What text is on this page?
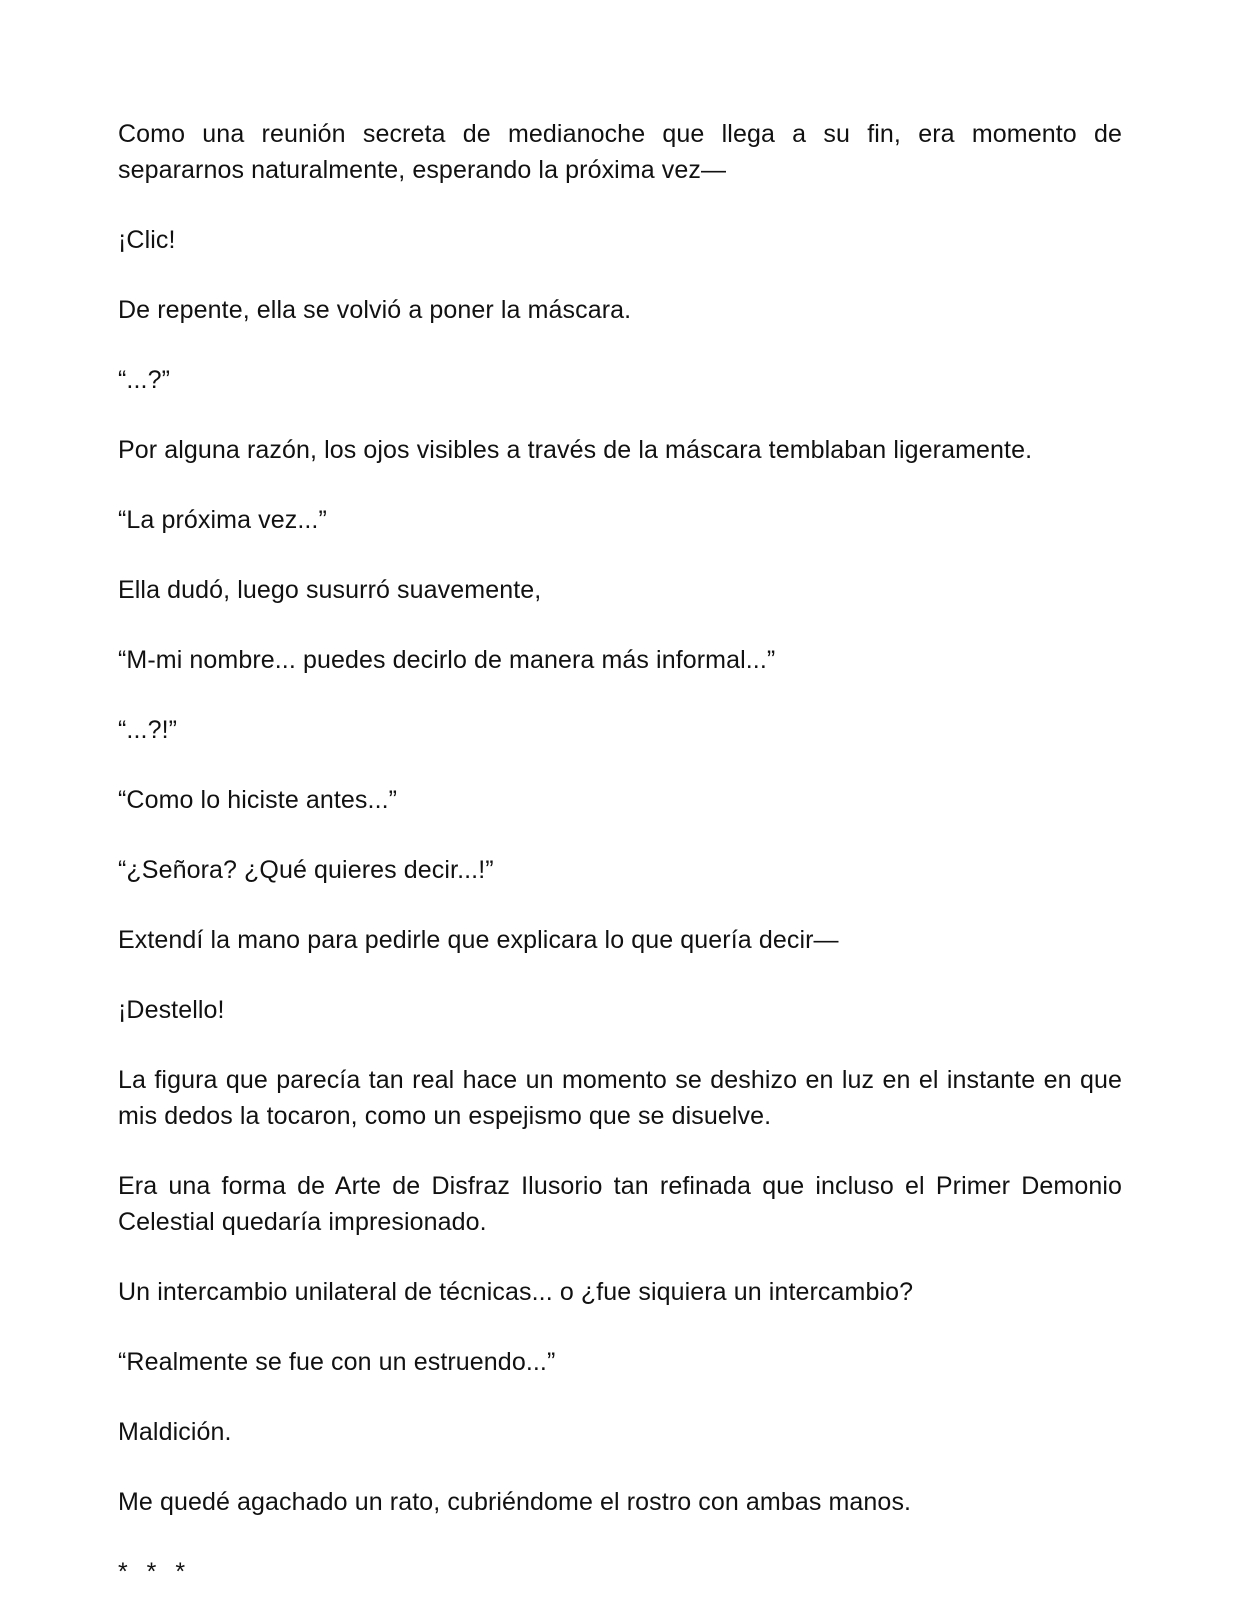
Como una reunión secreta de medianoche que llega a su fin, era momento de separarnos naturalmente, esperando la próxima vez—

¡Clic!

De repente, ella se volvió a poner la máscara.

“...?”

Por alguna razón, los ojos visibles a través de la máscara temblaban ligeramente.

“La próxima vez...”

Ella dudó, luego susurró suavemente,

“M-mi nombre... puedes decirlo de manera más informal...”

“...?!”

“Como lo hiciste antes...”

“¿Señora? ¿Qué quieres decir...!”

Extendí la mano para pedirle que explicara lo que quería decir—

¡Destello!

La figura que parecía tan real hace un momento se deshizo en luz en el instante en que mis dedos la tocaron, como un espejismo que se disuelve.

Era una forma de Arte de Disfraz Ilusorio tan refinada que incluso el Primer Demonio Celestial quedaría impresionado.

Un intercambio unilateral de técnicas... o ¿fue siquiera un intercambio?

“Realmente se fue con un estruendo...”

Maldición.

Me quedé agachado un rato, cubriéndome el rostro con ambas manos.

* * *
